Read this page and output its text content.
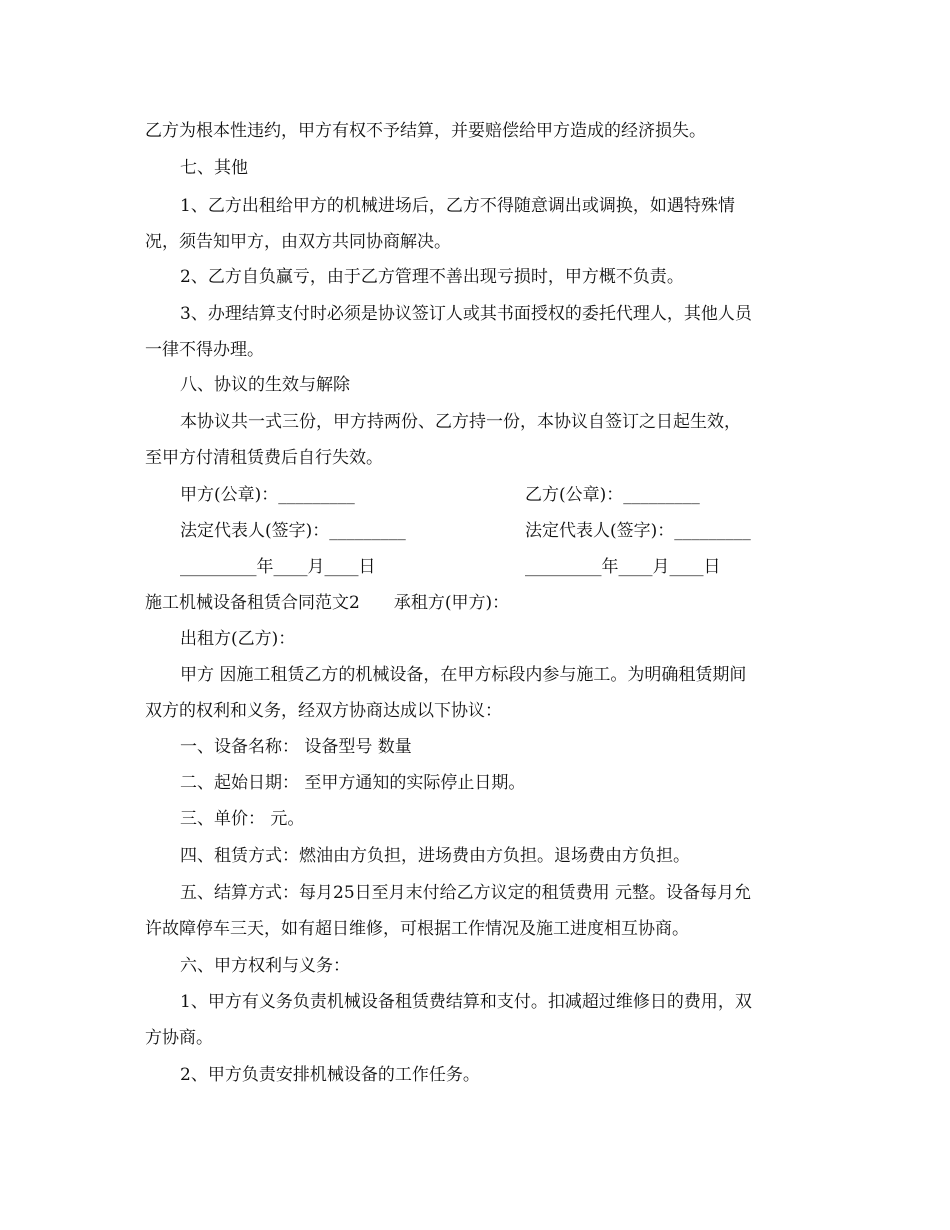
乙方为根本性违约，甲方有权不予结算，并要赔偿给甲方造成的经济损失。
七、其他
1、乙方出租给甲方的机械进场后，乙方不得随意调出或调换，如遇特殊情
况，须告知甲方，由双方共同协商解决。
2、乙方自负赢亏，由于乙方管理不善出现亏损时，甲方概不负责。
3、办理结算支付时必须是协议签订人或其书面授权的委托代理人，其他人员
一律不得办理。
八、协议的生效与解除
本协议共一式三份，甲方持两份、乙方持一份，本协议自签订之日起生效，
至甲方付清租赁费后自行失效。
甲方(公章)：_________	乙方(公章)：_________
法定代表人(签字)：_________	法定代表人(签字)：_________
_________年____月____日	_________年____月____日
施工机械设备租赁合同范文2　　承租方(甲方)：
出租方(乙方)：
甲方 因施工租赁乙方的机械设备，在甲方标段内参与施工。为明确租赁期间
双方的权利和义务，经双方协商达成以下协议：
一、设备名称： 设备型号 数量
二、起始日期： 至甲方通知的实际停止日期。
三、单价： 元。
四、租赁方式：燃油由方负担，进场费由方负担。退场费由方负担。
五、结算方式：每月25日至月末付给乙方议定的租赁费用 元整。设备每月允
许故障停车三天，如有超日维修，可根据工作情况及施工进度相互协商。
六、甲方权利与义务：
1、甲方有义务负责机械设备租赁费结算和支付。扣减超过维修日的费用，双
方协商。
2、甲方负责安排机械设备的工作任务。
